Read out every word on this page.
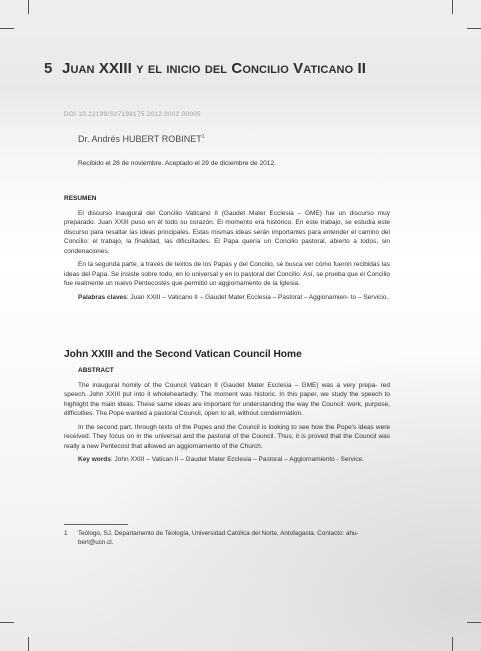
5 Juan XXIII y el inicio del Concilio Vaticano II
DOI 10.22199/S07198175.2012.0002.00005
Dr. Andrés HUBERT ROBINET$^1$
Recibido el 28 de noviembre. Aceptado el 29 de diciembre de 2012.
RESUMEN

El discurso inaugural del Concilio Vaticano II (Gaudet Mater Ecclesia – GME) fue un discurso muy preparado. Juan XXIII puso en él todo su corazón. El momento era histórico. En este trabajo, se estudia este discurso para resaltar las ideas principales. Estas mismas ideas serán importantes para entender el camino del Concilio: el trabajo, la finalidad, las dificultades. El Papa quería un Concilio pastoral, abierto a todos, sin condenaciones.

En la segunda parte, a través de textos de los Papas y del Concilio, se busca ver cómo fueron recibidas las ideas del Papa. Se insiste sobre todo, en lo universal y en lo pastoral del Concilio. Así, se prueba que el Concilio fue realmente un nuevo Pentecostés que permitió un aggiornamento de la Iglesia.

Palabras claves: Juan XXIII – Vaticano II – Gaudet Mater Ecclesia – Pastoral – Aggionamien- to – Servicio.

John XXIII and the Second Vatican Council Home
ABSTRACT

The inaugural homily of the Council Vatican II (Gaudet Mater Ecclesia – GME) was a very prepa- red speech. John XXIII put into it wholeheartedly. The moment was historic. In this paper, we study the speech to highlight the main ideas. These same ideas are important for understanding the way the Council: work, purpose, difficulties. The Pope wanted a pastoral Council, open to all, without condemnation.

In the second part, through texts of the Popes and the Council is looking to see how the Pope's ideas were received. They focus on in the universal and the pastoral of the Council. Thus, it is proved that the Council was really a new Pentecost that allowed an aggiornamento of the Church.

Key words: John XXIII – Vatican II – Gaudet Mater Ecclesia – Pastoral – Aggiornamiento - Service.

1	Teólogo, SJ. Departamento de Teología, Universidad Católica del Norte, Antofagasta. Contacto: ahu- bert@ucn.cl.
